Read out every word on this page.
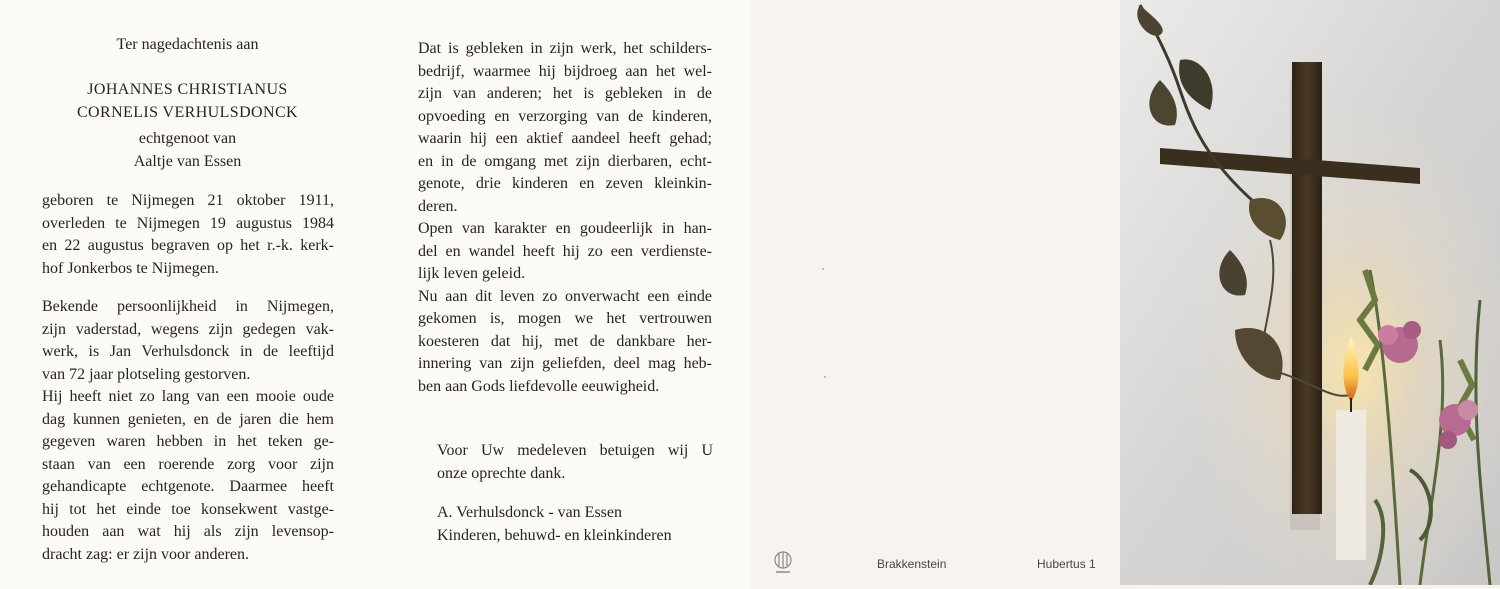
Ter nagedachtenis aan
JOHANNES CHRISTIANUS
CORNELIS VERHULSDONCK
echtgenoot van
Aaltje van Essen
geboren te Nijmegen 21 oktober 1911,
overleden te Nijmegen 19 augustus 1984
en 22 augustus begraven op het r.-k. kerk-
hof Jonkerbos te Nijmegen.
Bekende persoonlijkheid in Nijmegen,
zijn vaderstad, wegens zijn gedegen vak-
werk, is Jan Verhulsdonck in de leeftijd
van 72 jaar plotseling gestorven.
Hij heeft niet zo lang van een mooie oude
dag kunnen genieten, en de jaren die hem
gegeven waren hebben in het teken ge-
staan van een roerende zorg voor zijn
gehandicapte echtgenote. Daarmee heeft
hij tot het einde toe konsekwent vastge-
houden aan wat hij als zijn levensop-
dracht zag: er zijn voor anderen.
Dat is gebleken in zijn werk, het schilders-
bedrijf, waarmee hij bijdroeg aan het wel-
zijn van anderen; het is gebleken in de
opvoeding en verzorging van de kinderen,
waarin hij een aktief aandeel heeft gehad;
en in de omgang met zijn dierbaren, echt-
genote, drie kinderen en zeven kleinkin-
deren.
Open van karakter en goudeerlijk in han-
del en wandel heeft hij zo een verdienste-
lijk leven geleid.
Nu aan dit leven zo onverwacht een einde
gekomen is, mogen we het vertrouwen
koesteren dat hij, met de dankbare her-
innering van zijn geliefden, deel mag heb-
ben aan Gods liefdevolle eeuwigheid.
Voor Uw medeleven betuigen wij U
onze oprechte dank.
A. Verhulsdonck - van Essen
Kinderen, behuwd- en kleinkinderen
Brakkenstein	Hubertus 1
